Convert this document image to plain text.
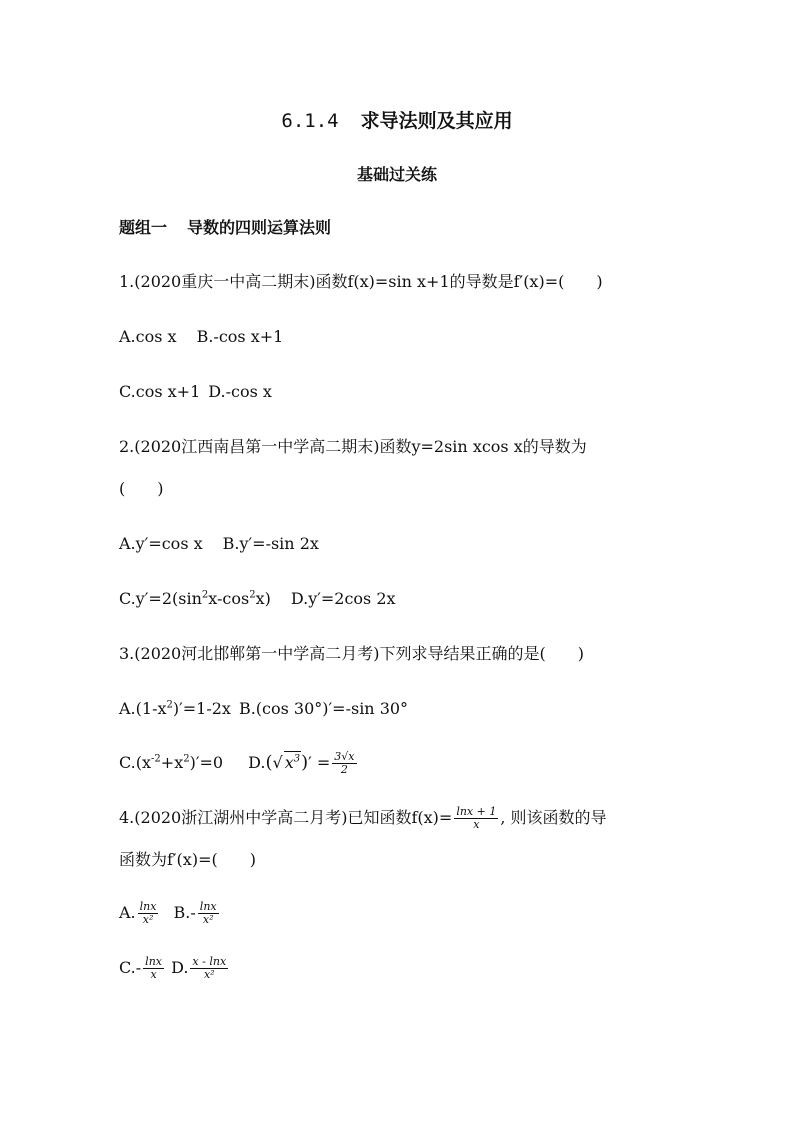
6.1.4 求导法则及其应用
基础过关练
题组一 导数的四则运算法则
1.(2020重庆一中高二期末)函数f(x)=sin x+1的导数是f′(x)=(　　)
A.cos x B.-cos x+1
C.cos x+1 D.-cos x
2.(2020江西南昌第一中学高二期末)函数y=2sin xcos x的导数为
(　　)
A.y′=cos x B.y′=-sin 2x
$C.y'=2(\sin^2x-\cos^2x)$ D.y′=2cos 2x
3.(2020河北邯郸第一中学高二月考)下列求导结果正确的是(　　)
$A.(1-x^2)'=1-2x$ B.(cos 30°)′=-sin 30°
$C.(x^{-2}+x^2)'=0$ D.(√ $x^3)' = \frac{3√x}{2}$
4.(2020浙江湖州中学高二月考)已知函数$f(x)= \frac{\ln x + 1}{x}$ , 则该函数的导
函数为f′(x)=(　　)
A. $\frac{\ln x}{\text{x²}} B.- \frac{\ln x}{\text{x²}}$
$C.- \frac{\ln x}{x} D$. $\frac{x - \ln x}{\text{x²}}$
